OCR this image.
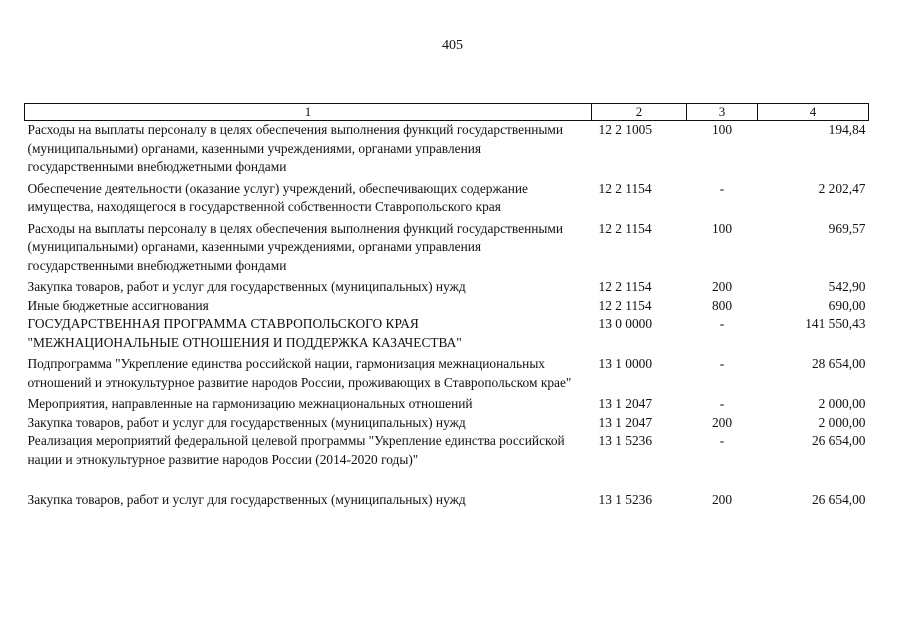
405
1	2	3	4
Расходы на выплаты персоналу в целях обеспечения выполнения функций государственными (муниципальными) органами, казенными учреждениями, органами управления государственными внебюджетными фондами	12 2 1005	100	194,84
Обеспечение деятельности (оказание услуг) учреждений, обеспечивающих содержание имущества, находящегося в государственной собственности Ставропольского края	12 2 1154	-	2 202,47
Расходы на выплаты персоналу в целях обеспечения выполнения функций государственными (муниципальными) органами, казенными учреждениями, органами управления государственными внебюджетными фондами	12 2 1154	100	969,57
Закупка товаров, работ и услуг для государственных (муниципальных) нужд	12 2 1154	200	542,90
Иные бюджетные ассигнования	12 2 1154	800	690,00
ГОСУДАРСТВЕННАЯ ПРОГРАММА СТАВРОПОЛЬСКОГО КРАЯ "МЕЖНАЦИОНАЛЬНЫЕ ОТНОШЕНИЯ И ПОДДЕРЖКА КАЗАЧЕСТВА"	13 0 0000	-	141 550,43
Подпрограмма "Укрепление единства российской нации, гармонизация межнациональных отношений и этнокультурное развитие народов России, проживающих в Ставропольском крае"	13 1 0000	-	28 654,00
Мероприятия, направленные на гармонизацию межнациональных отношений	13 1 2047	-	2 000,00
Закупка товаров, работ и услуг для государственных (муниципальных) нужд	13 1 2047	200	2 000,00
Реализация мероприятий федеральной целевой программы "Укрепление единства российской нации и этнокультурное развитие народов России (2014-2020 годы)"	13 1 5236	-	26 654,00
Закупка товаров, работ и услуг для государственных (муниципальных) нужд	13 1 5236	200	26 654,00
